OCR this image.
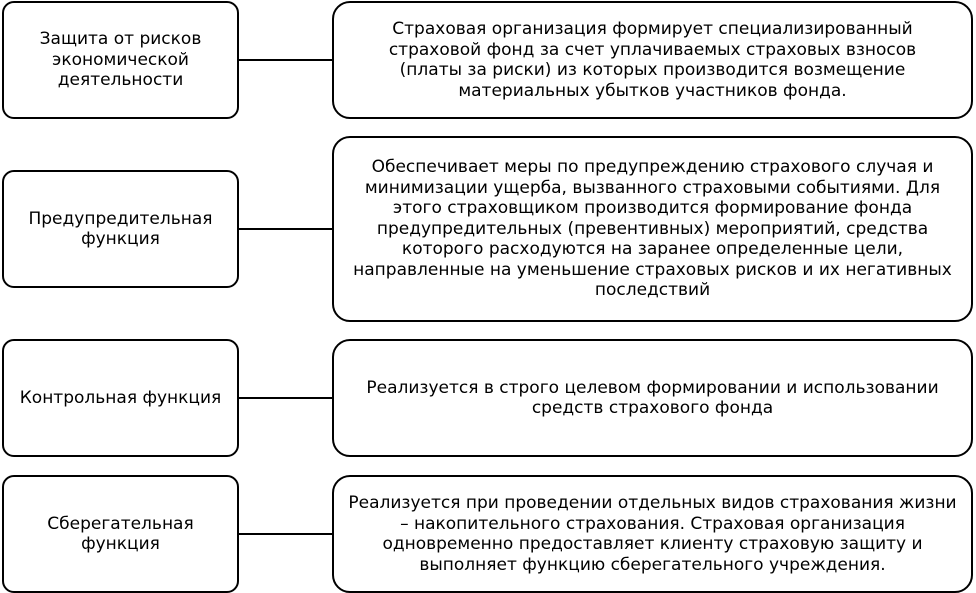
Защита от рисков экономической деятельности
Страховая организация формирует специализированный страховой фонд за счет уплачиваемых страховых взносов (платы за риски) из которых производится возмещение материальных убытков участников фонда.
Предупредительная функция
Обеспечивает меры по предупреждению страхового случая и минимизации ущерба, вызванного страховыми событиями. Для этого страховщиком производится формирование фонда предупредительных (превентивных) мероприятий, средства которого расходуются на заранее определенные цели, направленные на уменьшение страховых рисков и их негативных последствий
Контрольная функция
Реализуется в строго целевом формировании и использовании средств страхового фонда
Сберегательная функция
Реализуется при проведении отдельных видов страхования жизни – накопительного страхования. Страховая организация одновременно предоставляет клиенту страховую защиту и выполняет функцию сберегательного учреждения.
